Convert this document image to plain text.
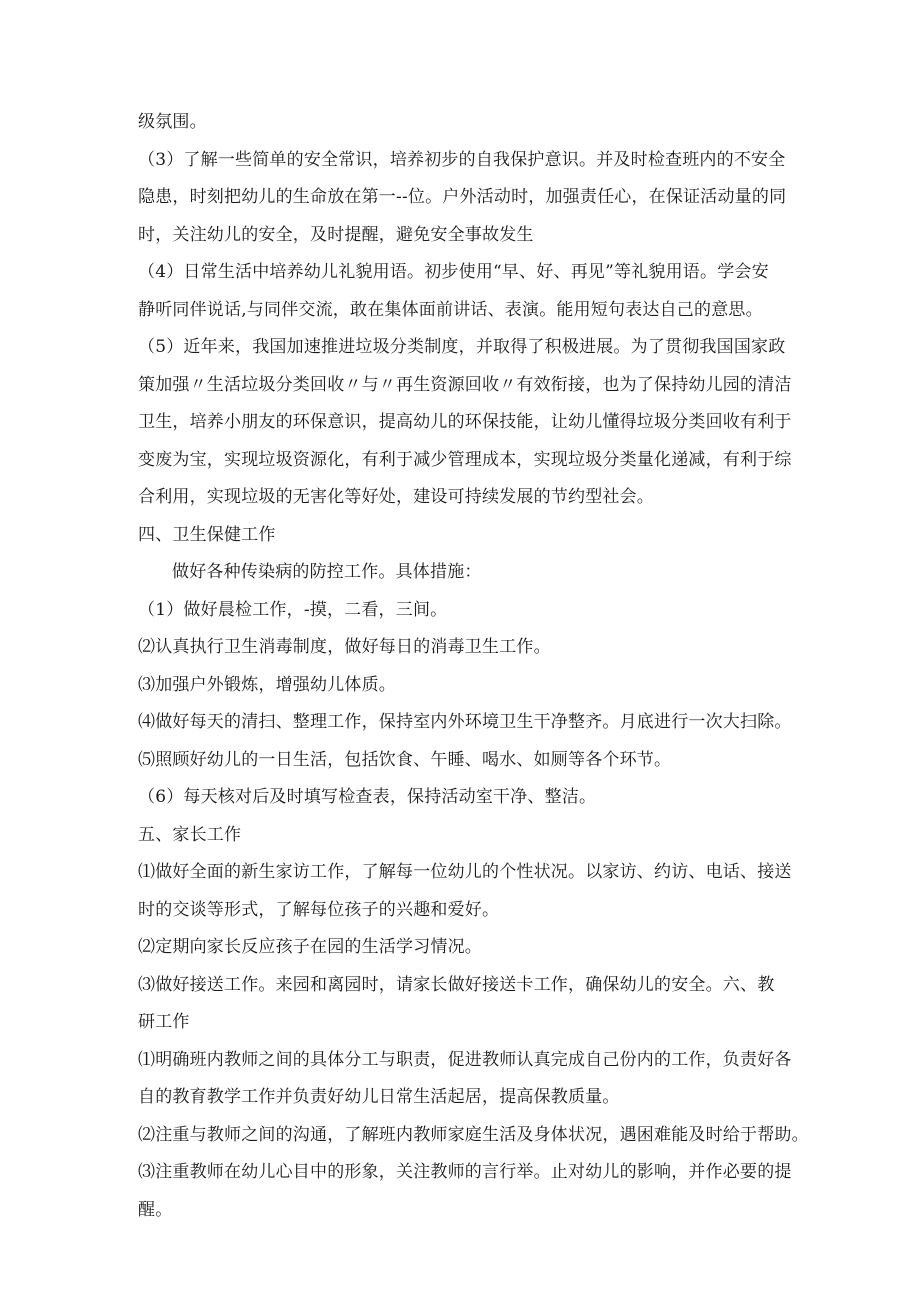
级氛围。
（3）了解一些简单的安全常识，培养初步的自我保护意识。并及时检查班内的不安全
隐患，时刻把幼儿的生命放在第一--位。户外活动时，加强责任心，在保证活动量的同
时，关注幼儿的安全，及时提醒，避免安全事故发生
（4）日常生活中培养幼儿礼貌用语。初步使用“早、好、再见”等礼貌用语。学会安
静听同伴说话,与同伴交流，敢在集体面前讲话、表演。能用短句表达自己的意思。
（5）近年来，我国加速推进垃圾分类制度，并取得了积极进展。为了贯彻我国国家政
策加强〃生活垃圾分类回收〃与〃再生资源回收〃有效衔接，也为了保持幼儿园的清洁
卫生，培养小朋友的环保意识，提高幼儿的环保技能，让幼儿懂得垃圾分类回收有利于
变废为宝，实现垃圾资源化，有利于减少管理成本，实现垃圾分类量化递减，有利于综
合利用，实现垃圾的无害化等好处，建设可持续发展的节约型社会。
四、卫生保健工作
做好各种传染病的防控工作。具体措施：
（1）做好晨检工作，-摸，二看，三间。
⑵认真执行卫生消毒制度，做好每日的消毒卫生工作。
⑶加强户外锻炼，增强幼儿体质。
⑷做好每天的清扫、整理工作，保持室内外环境卫生干净整齐。月底进行一次大扫除。
⑸照顾好幼儿的一日生活，包括饮食、午睡、喝水、如厕等各个环节。
（6）每天核对后及时填写检查表，保持活动室干净、整洁。
五、家长工作
⑴做好全面的新生家访工作，了解每一位幼儿的个性状况。以家访、约访、电话、接送
时的交谈等形式，了解每位孩子的兴趣和爱好。
⑵定期向家长反应孩子在园的生活学习情况。
⑶做好接送工作。来园和离园时，请家长做好接送卡工作，确保幼儿的安全。六、教
研工作
⑴明确班内教师之间的具体分工与职责，促进教师认真完成自己份内的工作，负责好各
自的教育教学工作并负责好幼儿日常生活起居，提高保教质量。
⑵注重与教师之间的沟通，了解班内教师家庭生活及身体状况，遇困难能及时给于帮助。
⑶注重教师在幼儿心目中的形象，关注教师的言行举。止对幼儿的影响，并作必要的提
醒。
